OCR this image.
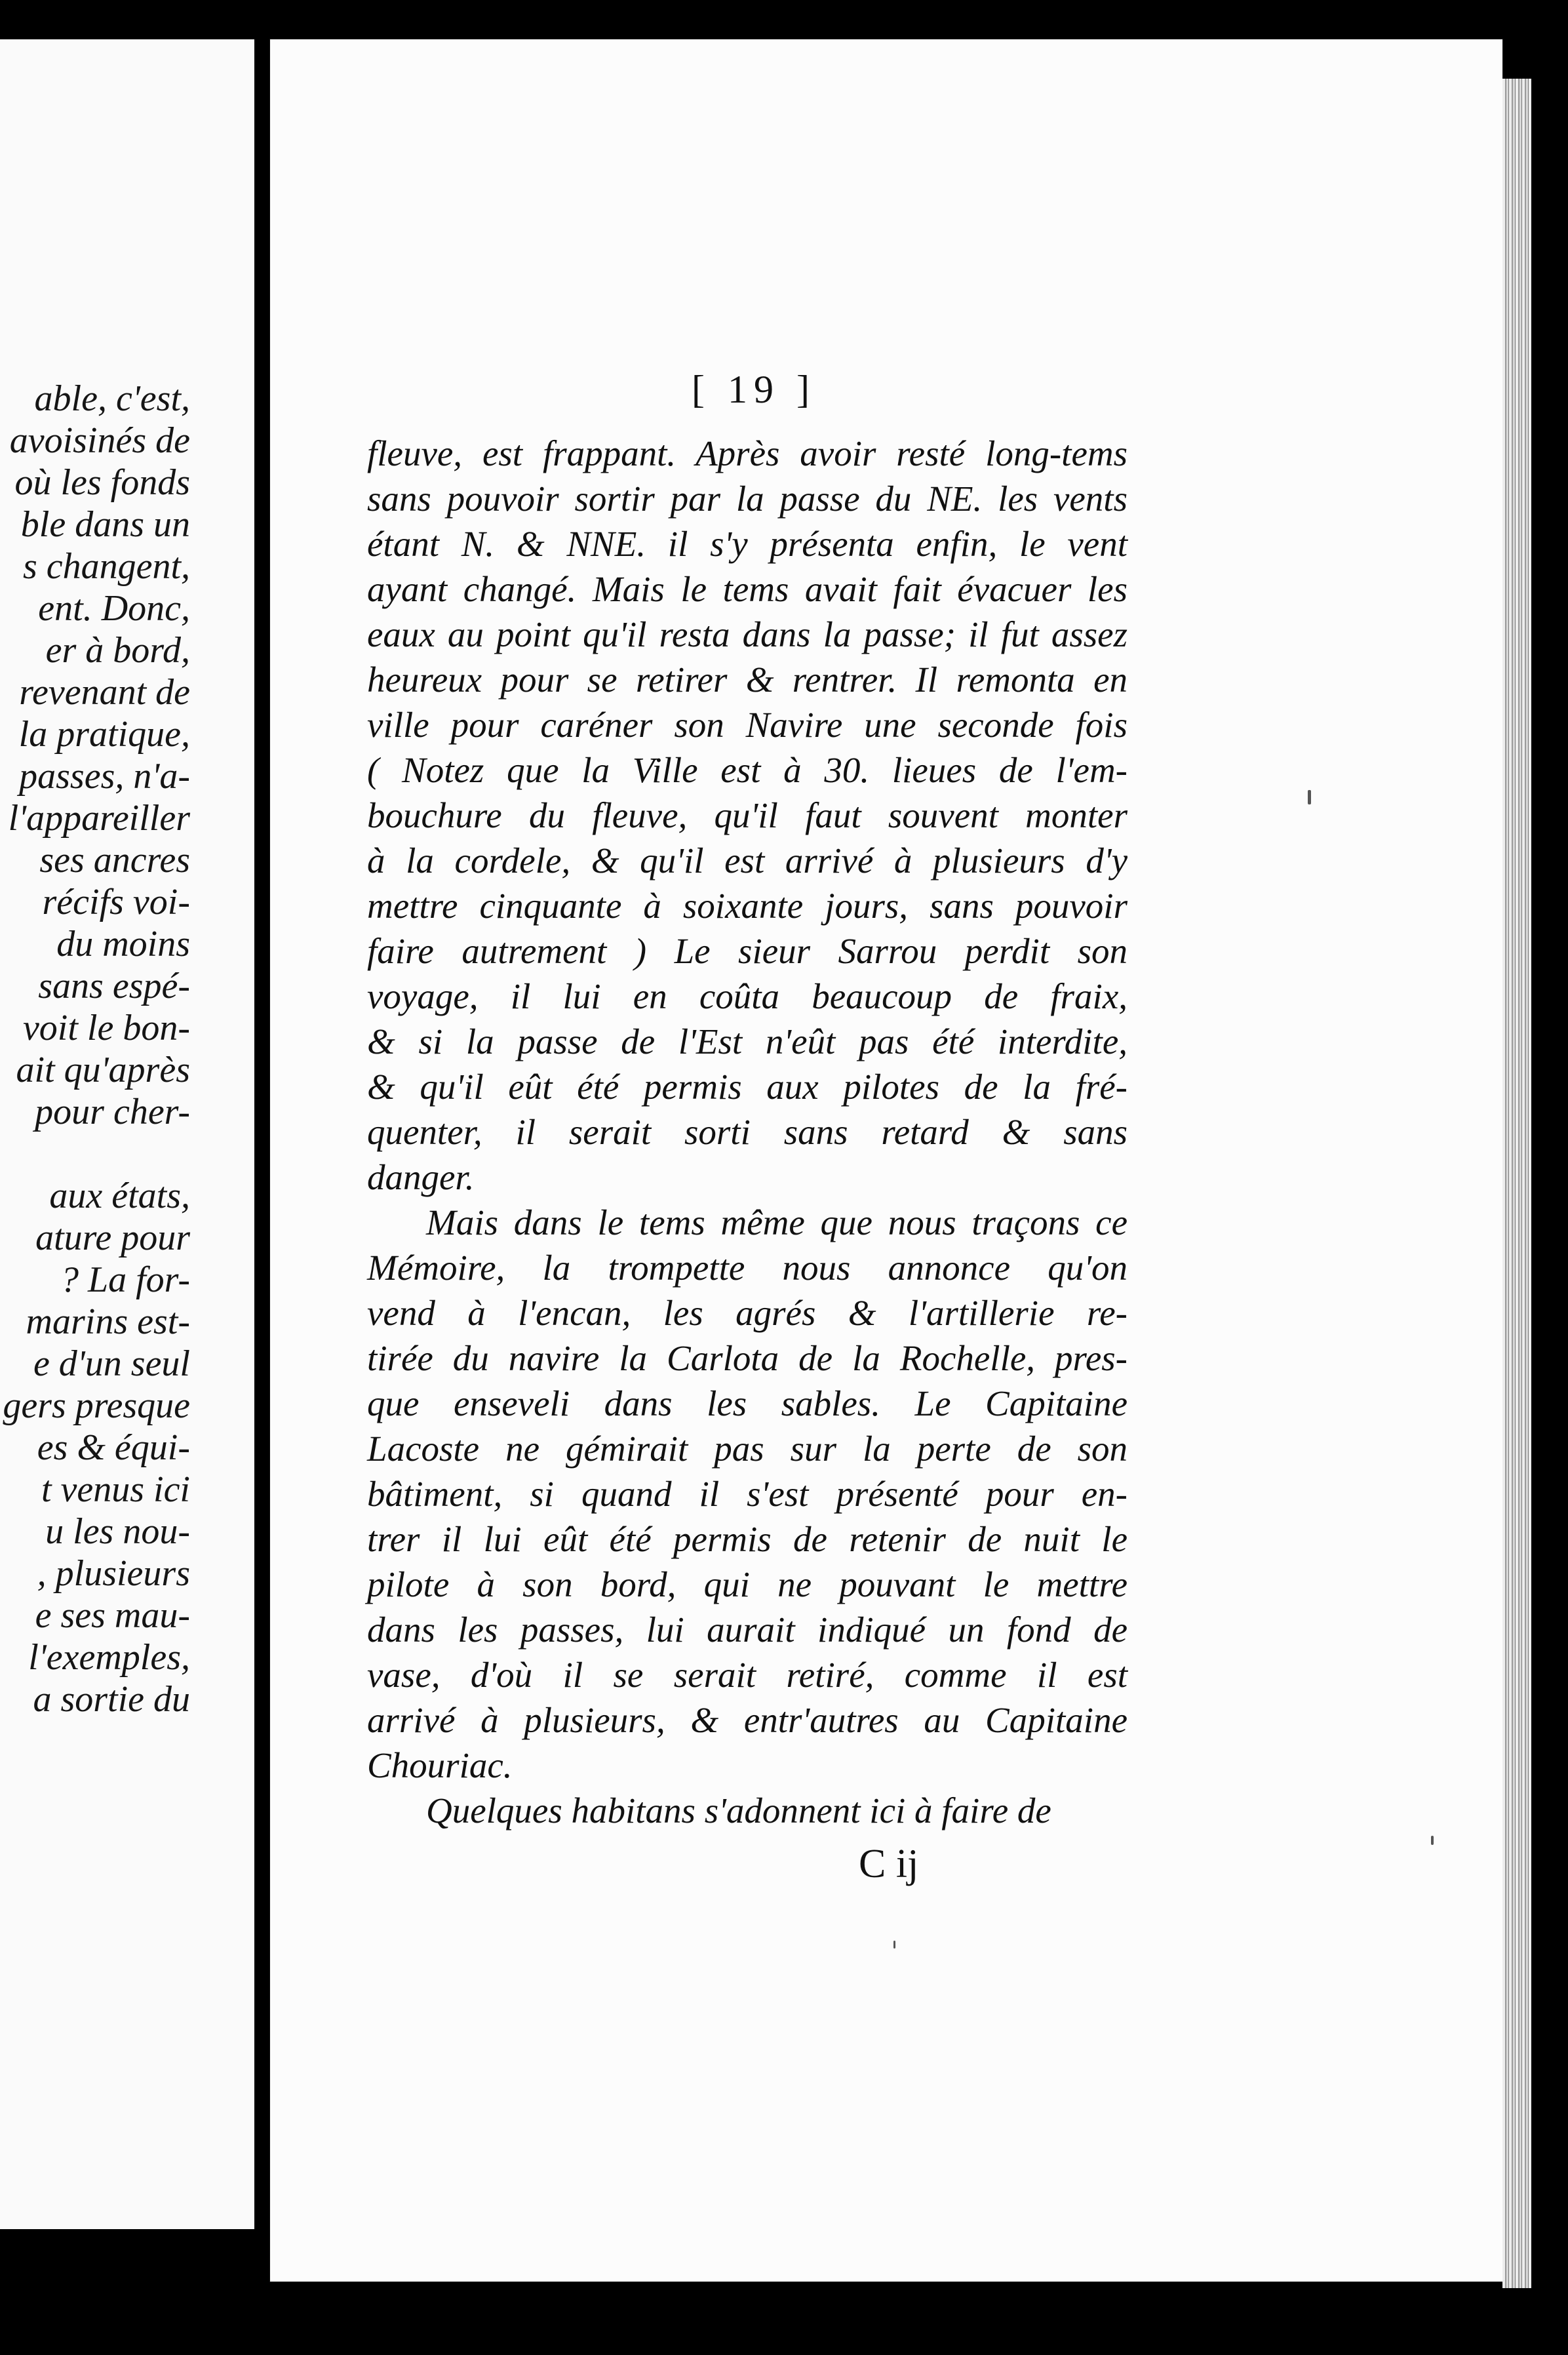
able, c'est,
avoisinés de
où les fonds
ble dans un
s changent,
ent. Donc,
er à bord,
revenant de
la pratique,
passes, n'a-
l'appareiller
ses ancres
récifs voi-
du moins
sans espé-
voit le bon-
ait qu'après
pour cher-
aux états,
ature pour
? La for-
marins est-
e d'un seul
gers presque
es & équi-
t venus ici
u les nou-
, plusieurs
e ses mau-
l'exemples,
a sortie du
[ 19 ]
fleuve, est frappant. Après avoir resté long-tems
sans pouvoir sortir par la passe du NE. les vents
étant N. & NNE. il s'y présenta enfin, le vent
ayant changé. Mais le tems avait fait évacuer les
eaux au point qu'il resta dans la passe; il fut assez
heureux pour se retirer & rentrer. Il remonta en
ville pour caréner son Navire une seconde fois
( Notez que la Ville est à 30. lieues de l'em-
bouchure du fleuve, qu'il faut souvent monter
à la cordele, & qu'il est arrivé à plusieurs d'y
mettre cinquante à soixante jours, sans pouvoir
faire autrement ) Le sieur Sarrou perdit son
voyage, il lui en coûta beaucoup de fraix,
& si la passe de l'Est n'eût pas été interdite,
& qu'il eût été permis aux pilotes de la fré-
quenter, il serait sorti sans retard & sans
danger.
Mais dans le tems même que nous traçons ce
Mémoire, la trompette nous annonce qu'on
vend à l'encan, les agrés & l'artillerie re-
tirée du navire la Carlota de la Rochelle, pres-
que enseveli dans les sables. Le Capitaine
Lacoste ne gémirait pas sur la perte de son
bâtiment, si quand il s'est présenté pour en-
trer il lui eût été permis de retenir de nuit le
pilote à son bord, qui ne pouvant le mettre
dans les passes, lui aurait indiqué un fond de
vase, d'où il se serait retiré, comme il est
arrivé à plusieurs, & entr'autres au Capitaine
Chouriac.
Quelques habitans s'adonnent ici à faire de
C ij
